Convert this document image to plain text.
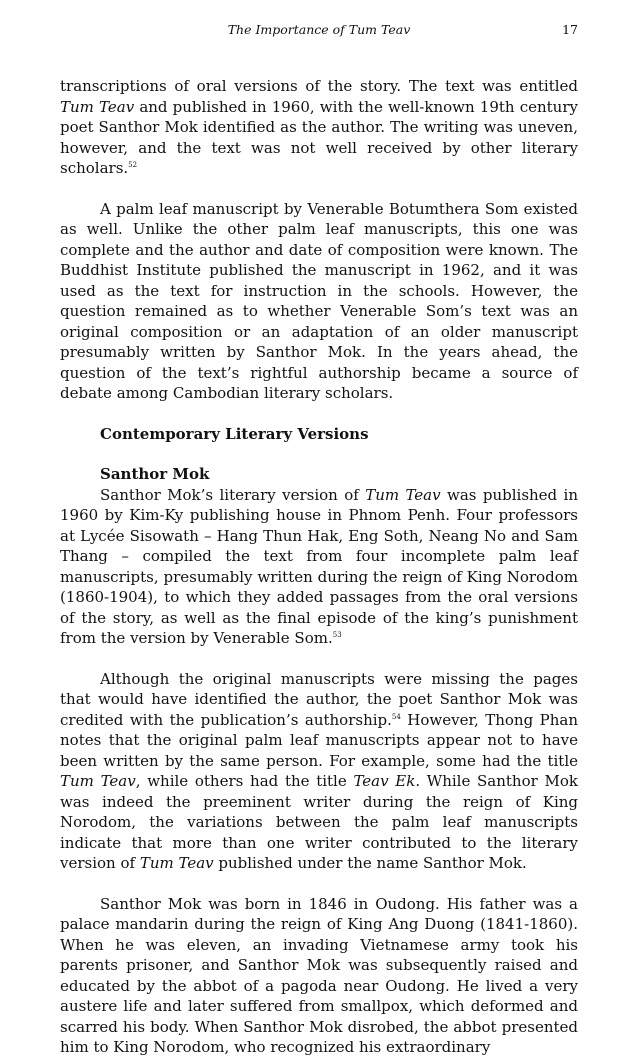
The Importance of Tum Teav	17

transcriptions of oral versions of the story. The text was entitled Tum Teav and published in 1960, with the well-known 19th century poet Santhor Mok identified as the author. The writing was uneven, however, and the text was not well received by other literary scholars.$^{52}$

A palm leaf manuscript by Venerable Botumthera Som existed as well. Unlike the other palm leaf manuscripts, this one was complete and the author and date of composition were known. The Buddhist Institute published the manuscript in 1962, and it was used as the text for instruction in the schools. However, the question remained as to whether Venerable Som’s text was an original composition or an adaptation of an older manuscript presumably written by Santhor Mok. In the years ahead, the question of the text’s rightful authorship became a source of debate among Cambodian literary scholars.

Contemporary Literary Versions

Santhor Mok

Santhor Mok’s literary version of Tum Teav was published in 1960 by Kim-Ky publishing house in Phnom Penh. Four professors at Lycée Sisowath – Hang Thun Hak, Eng Soth, Neang No and Sam Thang – compiled the text from four incomplete palm leaf manuscripts, presumably written during the reign of King Norodom (1860-1904), to which they added passages from the oral versions of the story, as well as the final episode of the king’s punishment from the version by Venerable Som.$^{53}$

Although the original manuscripts were missing the pages that would have identified the author, the poet Santhor Mok was credited with the publication’s authorship.$^{54}$ However, Thong Phan notes that the original palm leaf manuscripts appear not to have been written by the same person. For example, some had the title Tum Teav, while others had the title Teav Ek. While Santhor Mok was indeed the preeminent writer during the reign of King Norodom, the variations between the palm leaf manuscripts indicate that more than one writer contributed to the literary version of Tum Teav published under the name Santhor Mok.

Santhor Mok was born in 1846 in Oudong. His father was a palace mandarin during the reign of King Ang Duong (1841-1860). When he was eleven, an invading Vietnamese army took his parents prisoner, and Santhor Mok was subsequently raised and educated by the abbot of a pagoda near Oudong. He lived a very austere life and later suffered from smallpox, which deformed and scarred his body. When Santhor Mok disrobed, the abbot presented him to King Norodom, who recognized his extraordinary
